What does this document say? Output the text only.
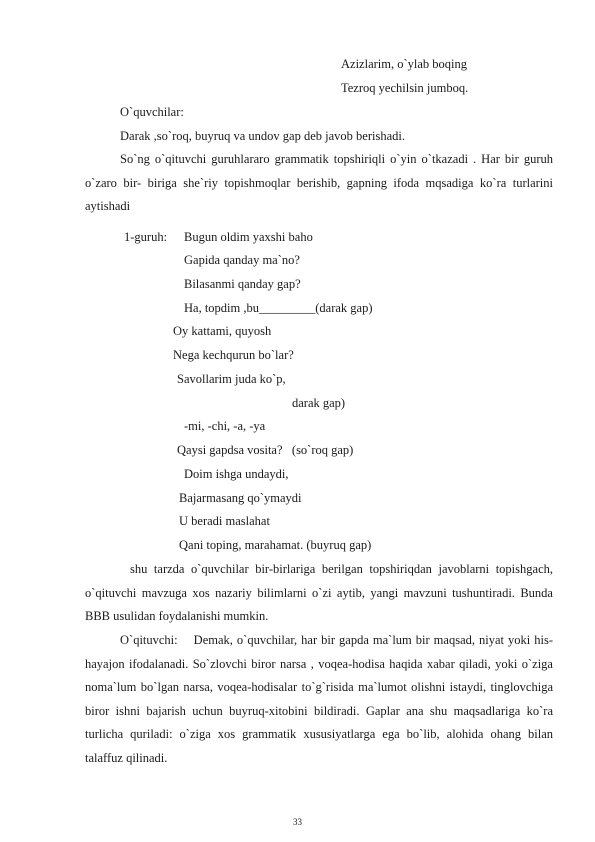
Azizlarim, o`ylab boqing
Tezroq yechilsin jumboq.
O`quvchilar:
Darak ,so`roq, buyruq va undov gap deb javob berishadi.
So`ng o`qituvchi guruhlararo grammatik topshiriqli o`yin o`tkazadi . Har bir guruh o`zaro bir- biriga she`riy topishmoqlar berishib, gapning ifoda mqsadiga ko`ra turlarini aytishadi
1-guruh: Bugun oldim yaxshi baho
Gapida qanday ma`no?
Bilasanmi qanday gap?
Ha, topdim ,bu_________(darak gap)
Oy kattami, quyosh
Nega kechqurun bo`lar?
Savollarim juda ko`p,
darak gap)
-mi, -chi, -a, -ya
Qaysi gapdsa vosita?   (so`roq gap)
Doim ishga undaydi,
Bajarmasang qo`ymaydi
U beradi maslahat
Qani toping, marahamat. (buyruq gap)
shu tarzda o`quvchilar bir-birlariga berilgan topshiriqdan javoblarni topishgach, o`qituvchi mavzuga xos nazariy bilimlarni o`zi aytib, yangi mavzuni tushuntiradi. Bunda BBB usulidan foydalanishi mumkin.
O`qituvchi:    Demak, o`quvchilar, har bir gapda ma`lum bir maqsad, niyat yoki his-hayajon ifodalanadi. So`zlovchi biror narsa , voqea-hodisa haqida xabar qiladi, yoki o`ziga noma`lum bo`lgan narsa, voqea-hodisalar to`g`risida ma`lumot olishni istaydi, tinglovchiga biror ishni bajarish uchun buyruq-xitobini bildiradi. Gaplar ana shu maqsadlariga ko`ra turlicha quriladi: o`ziga xos grammatik xususiyatlarga ega bo`lib, alohida ohang bilan talaffuz qilinadi.
33
